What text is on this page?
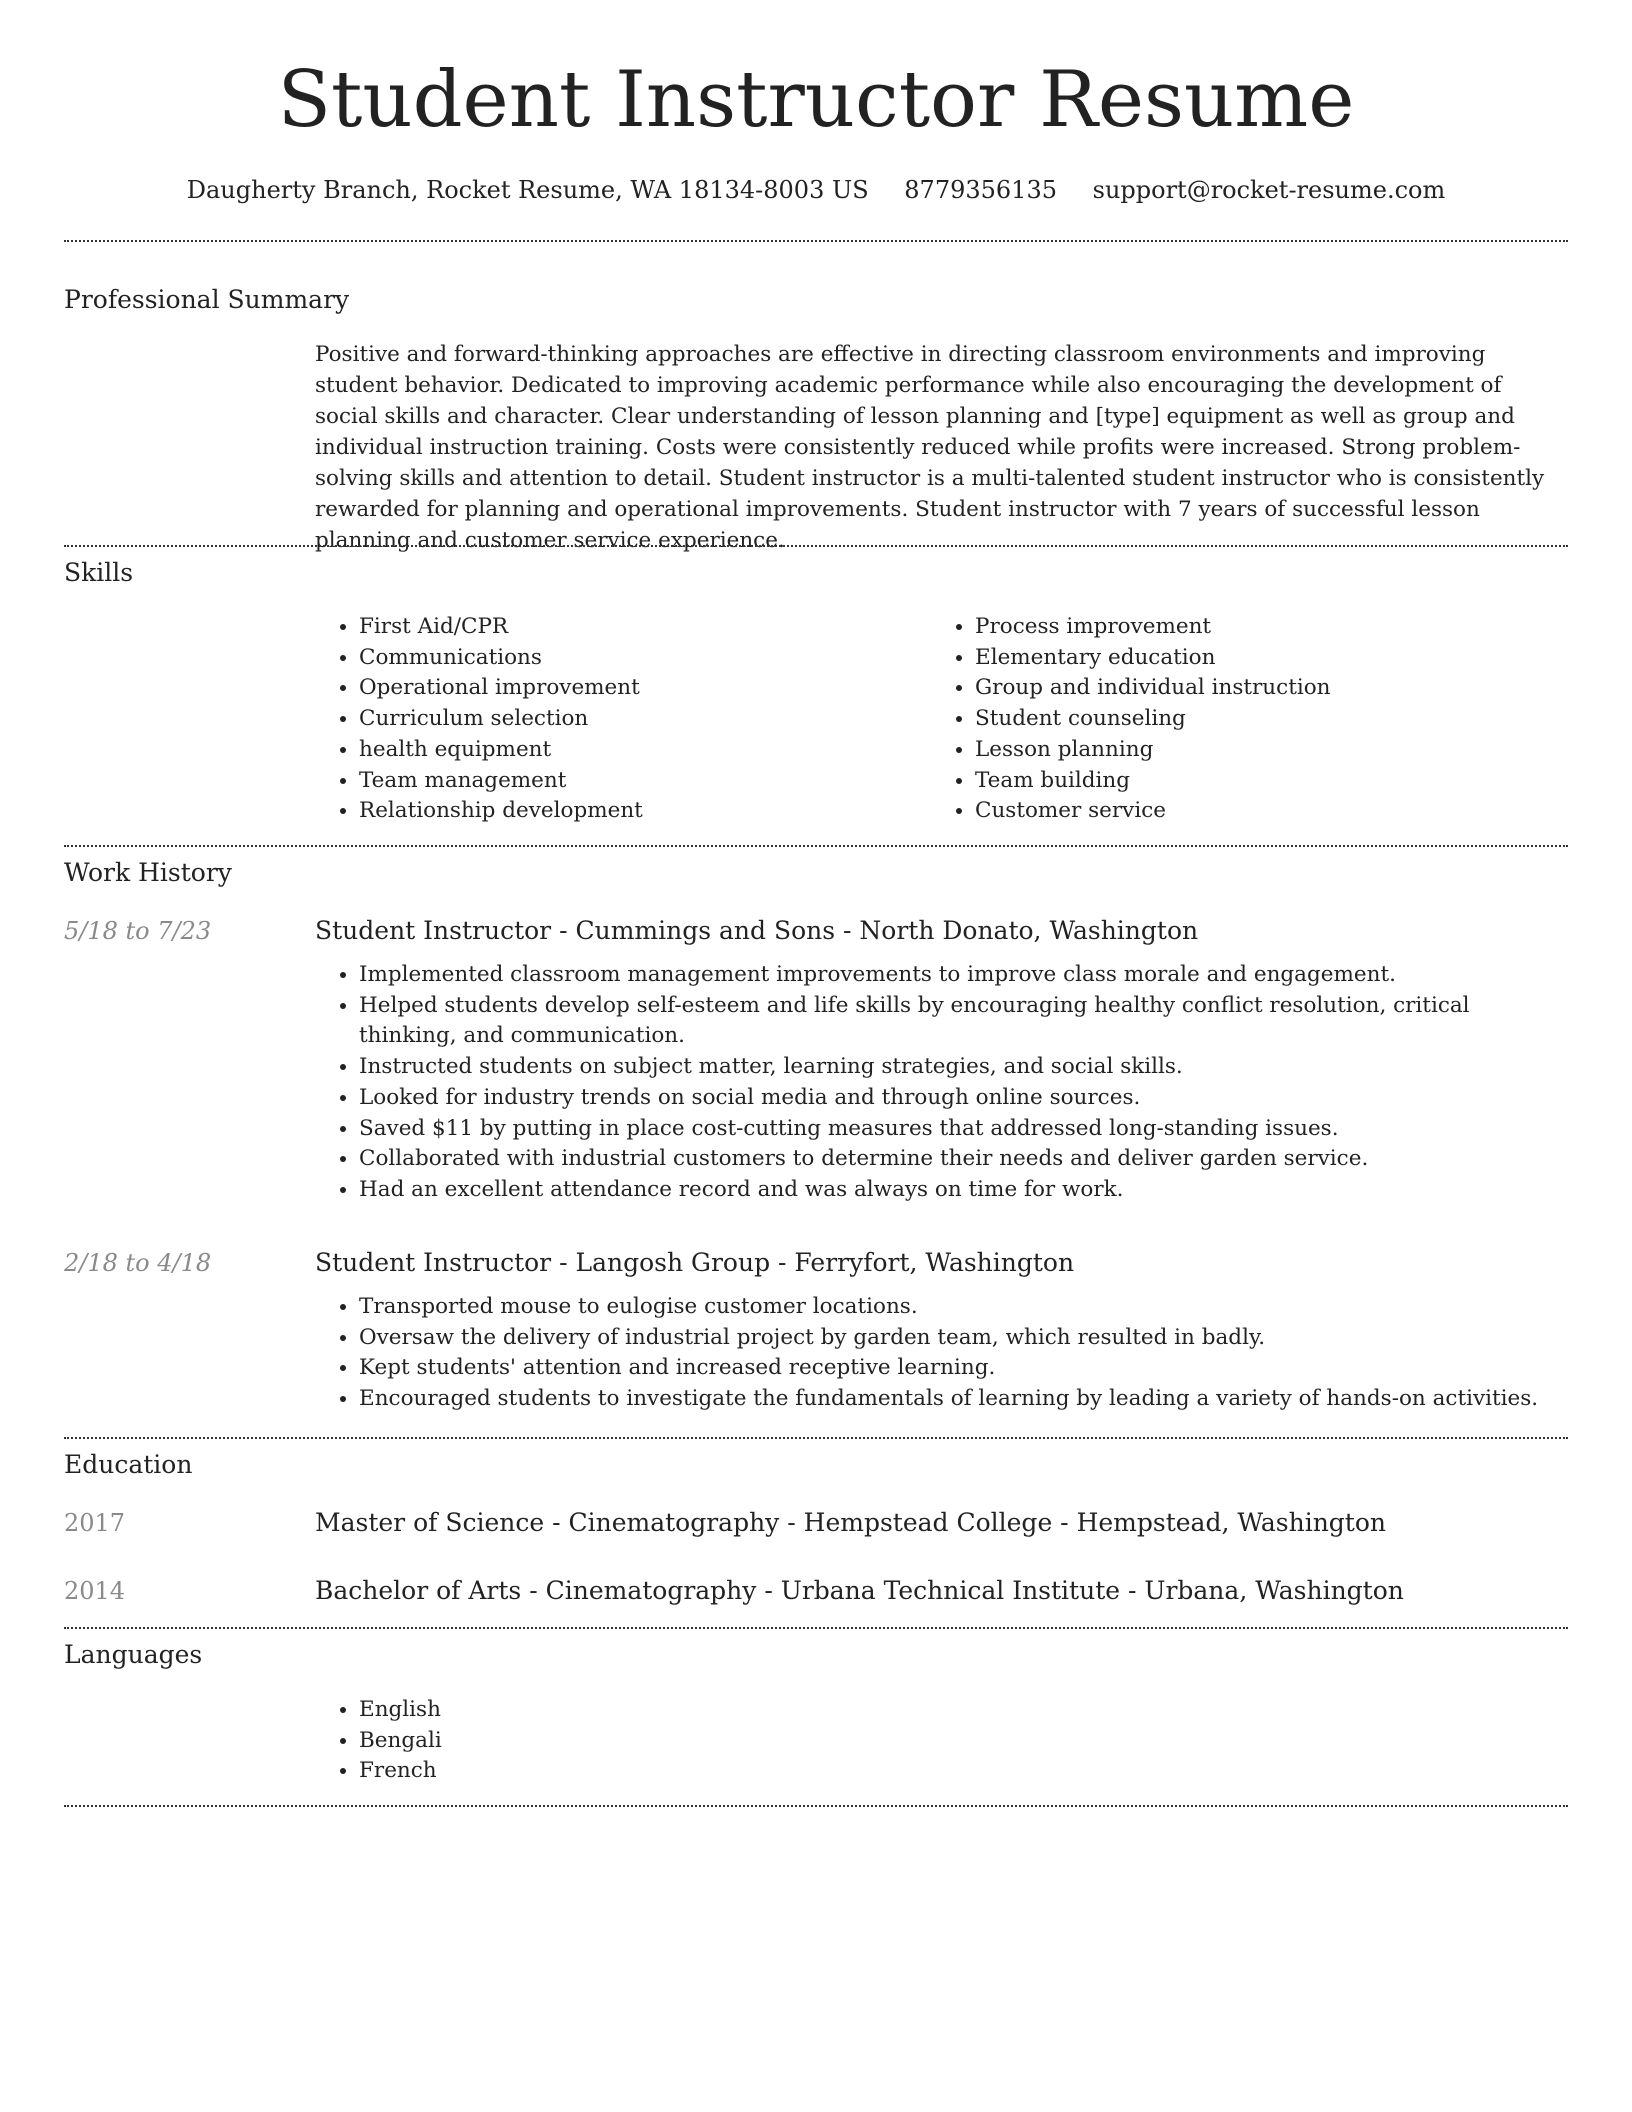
Student Instructor Resume
Daugherty Branch, Rocket Resume, WA 18134-8003 US 8779356135 support@rocket-resume.com
Professional Summary

Positive and forward-thinking approaches are effective in directing classroom environments and improving student behavior. Dedicated to improving academic performance while also encouraging the development of social skills and character. Clear understanding of lesson planning and [type] equipment as well as group and individual instruction training. Costs were consistently reduced while profits were increased. Strong problem-solving skills and attention to detail. Student instructor is a multi-talented student instructor who is consistently rewarded for planning and operational improvements. Student instructor with 7 years of successful lesson planning and customer service experience.

Skills
• First Aid/CPR
• Communications
• Operational improvement
• Curriculum selection
• health equipment
• Team management
• Relationship development
• Process improvement
• Elementary education
• Group and individual instruction
• Student counseling
• Lesson planning
• Team building
• Customer service
Work History
5/18 to 7/23	Student Instructor - Cummings and Sons - North Donato, Washington

• Implemented classroom management improvements to improve class morale and engagement.
• Helped students develop self-esteem and life skills by encouraging healthy conflict resolution, critical thinking, and communication.
• Instructed students on subject matter, learning strategies, and social skills.
• Looked for industry trends on social media and through online sources.
• Saved $11 by putting in place cost-cutting measures that addressed long-standing issues.
• Collaborated with industrial customers to determine their needs and deliver garden service.
• Had an excellent attendance record and was always on time for work.
2/18 to 4/18	Student Instructor - Langosh Group - Ferryfort, Washington

• Transported mouse to eulogise customer locations.
• Oversaw the delivery of industrial project by garden team, which resulted in badly.
• Kept students' attention and increased receptive learning.
• Encouraged students to investigate the fundamentals of learning by leading a variety of hands-on activities.
Education
2017	Master of Science - Cinematography - Hempstead College - Hempstead, Washington

2014	Bachelor of Arts - Cinematography - Urbana Technical Institute - Urbana, Washington

Languages
• English
• Bengali
• French
